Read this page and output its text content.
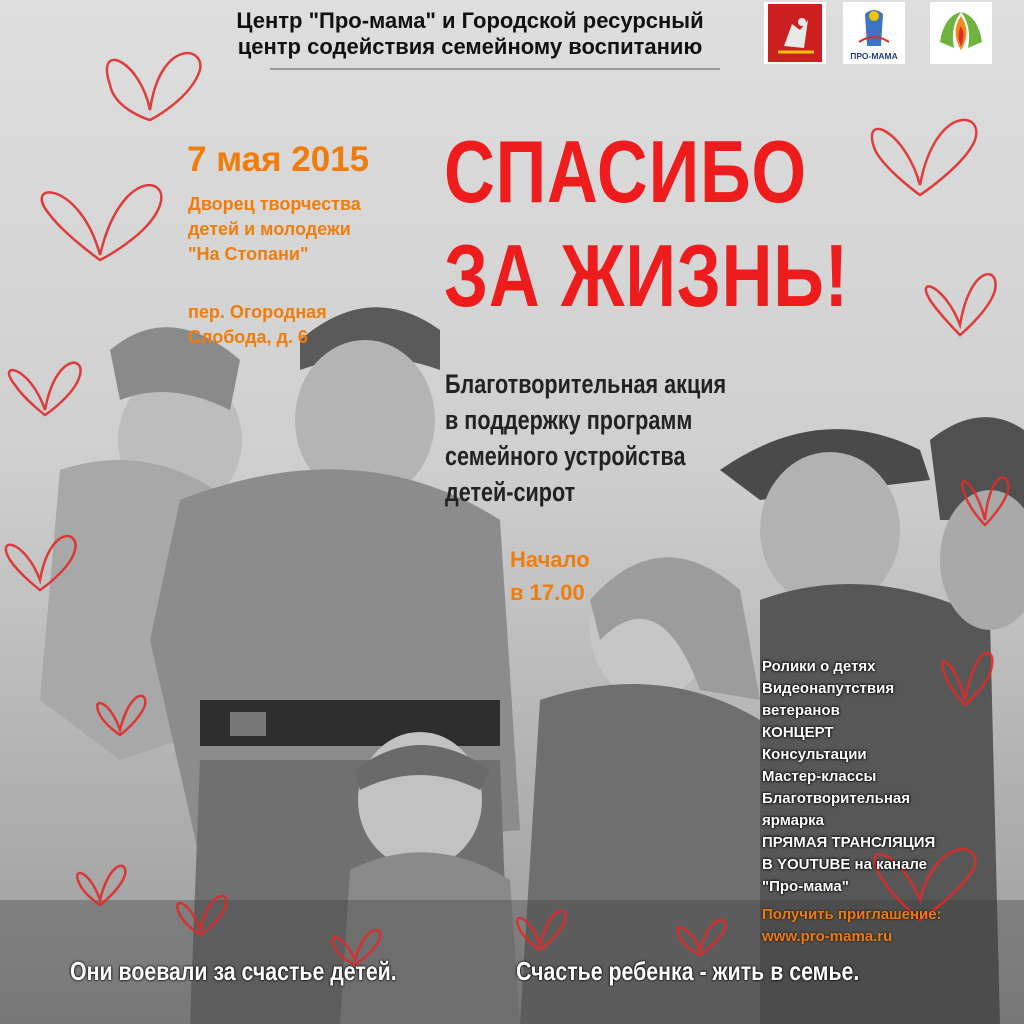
Центр "Про-мама" и Городской ресурсный
центр содействия семейному воспитанию	ПРО-МАМА
7 мая 2015
Дворец творчества
детей и молодежи
"На Стопани"
пер. Огородная
Слобода, д. 6
СПАСИБО
ЗА ЖИЗНЬ!
Благотворительная акция
в поддержку программ
семейного устройства
детей-сирот
Начало
в 17.00
Ролики о детях
Видеонапутствия
ветеранов
КОНЦЕРТ
Консультации
Мастер-классы
Благотворительная
ярмарка
ПРЯМАЯ ТРАНСЛЯЦИЯ
В YOUTUBE на канале
"Про-мама"
Получить приглашение:
www.pro-mama.ru
Они воевали за счастье детей.	Счастье ребенка - жить в семье.
